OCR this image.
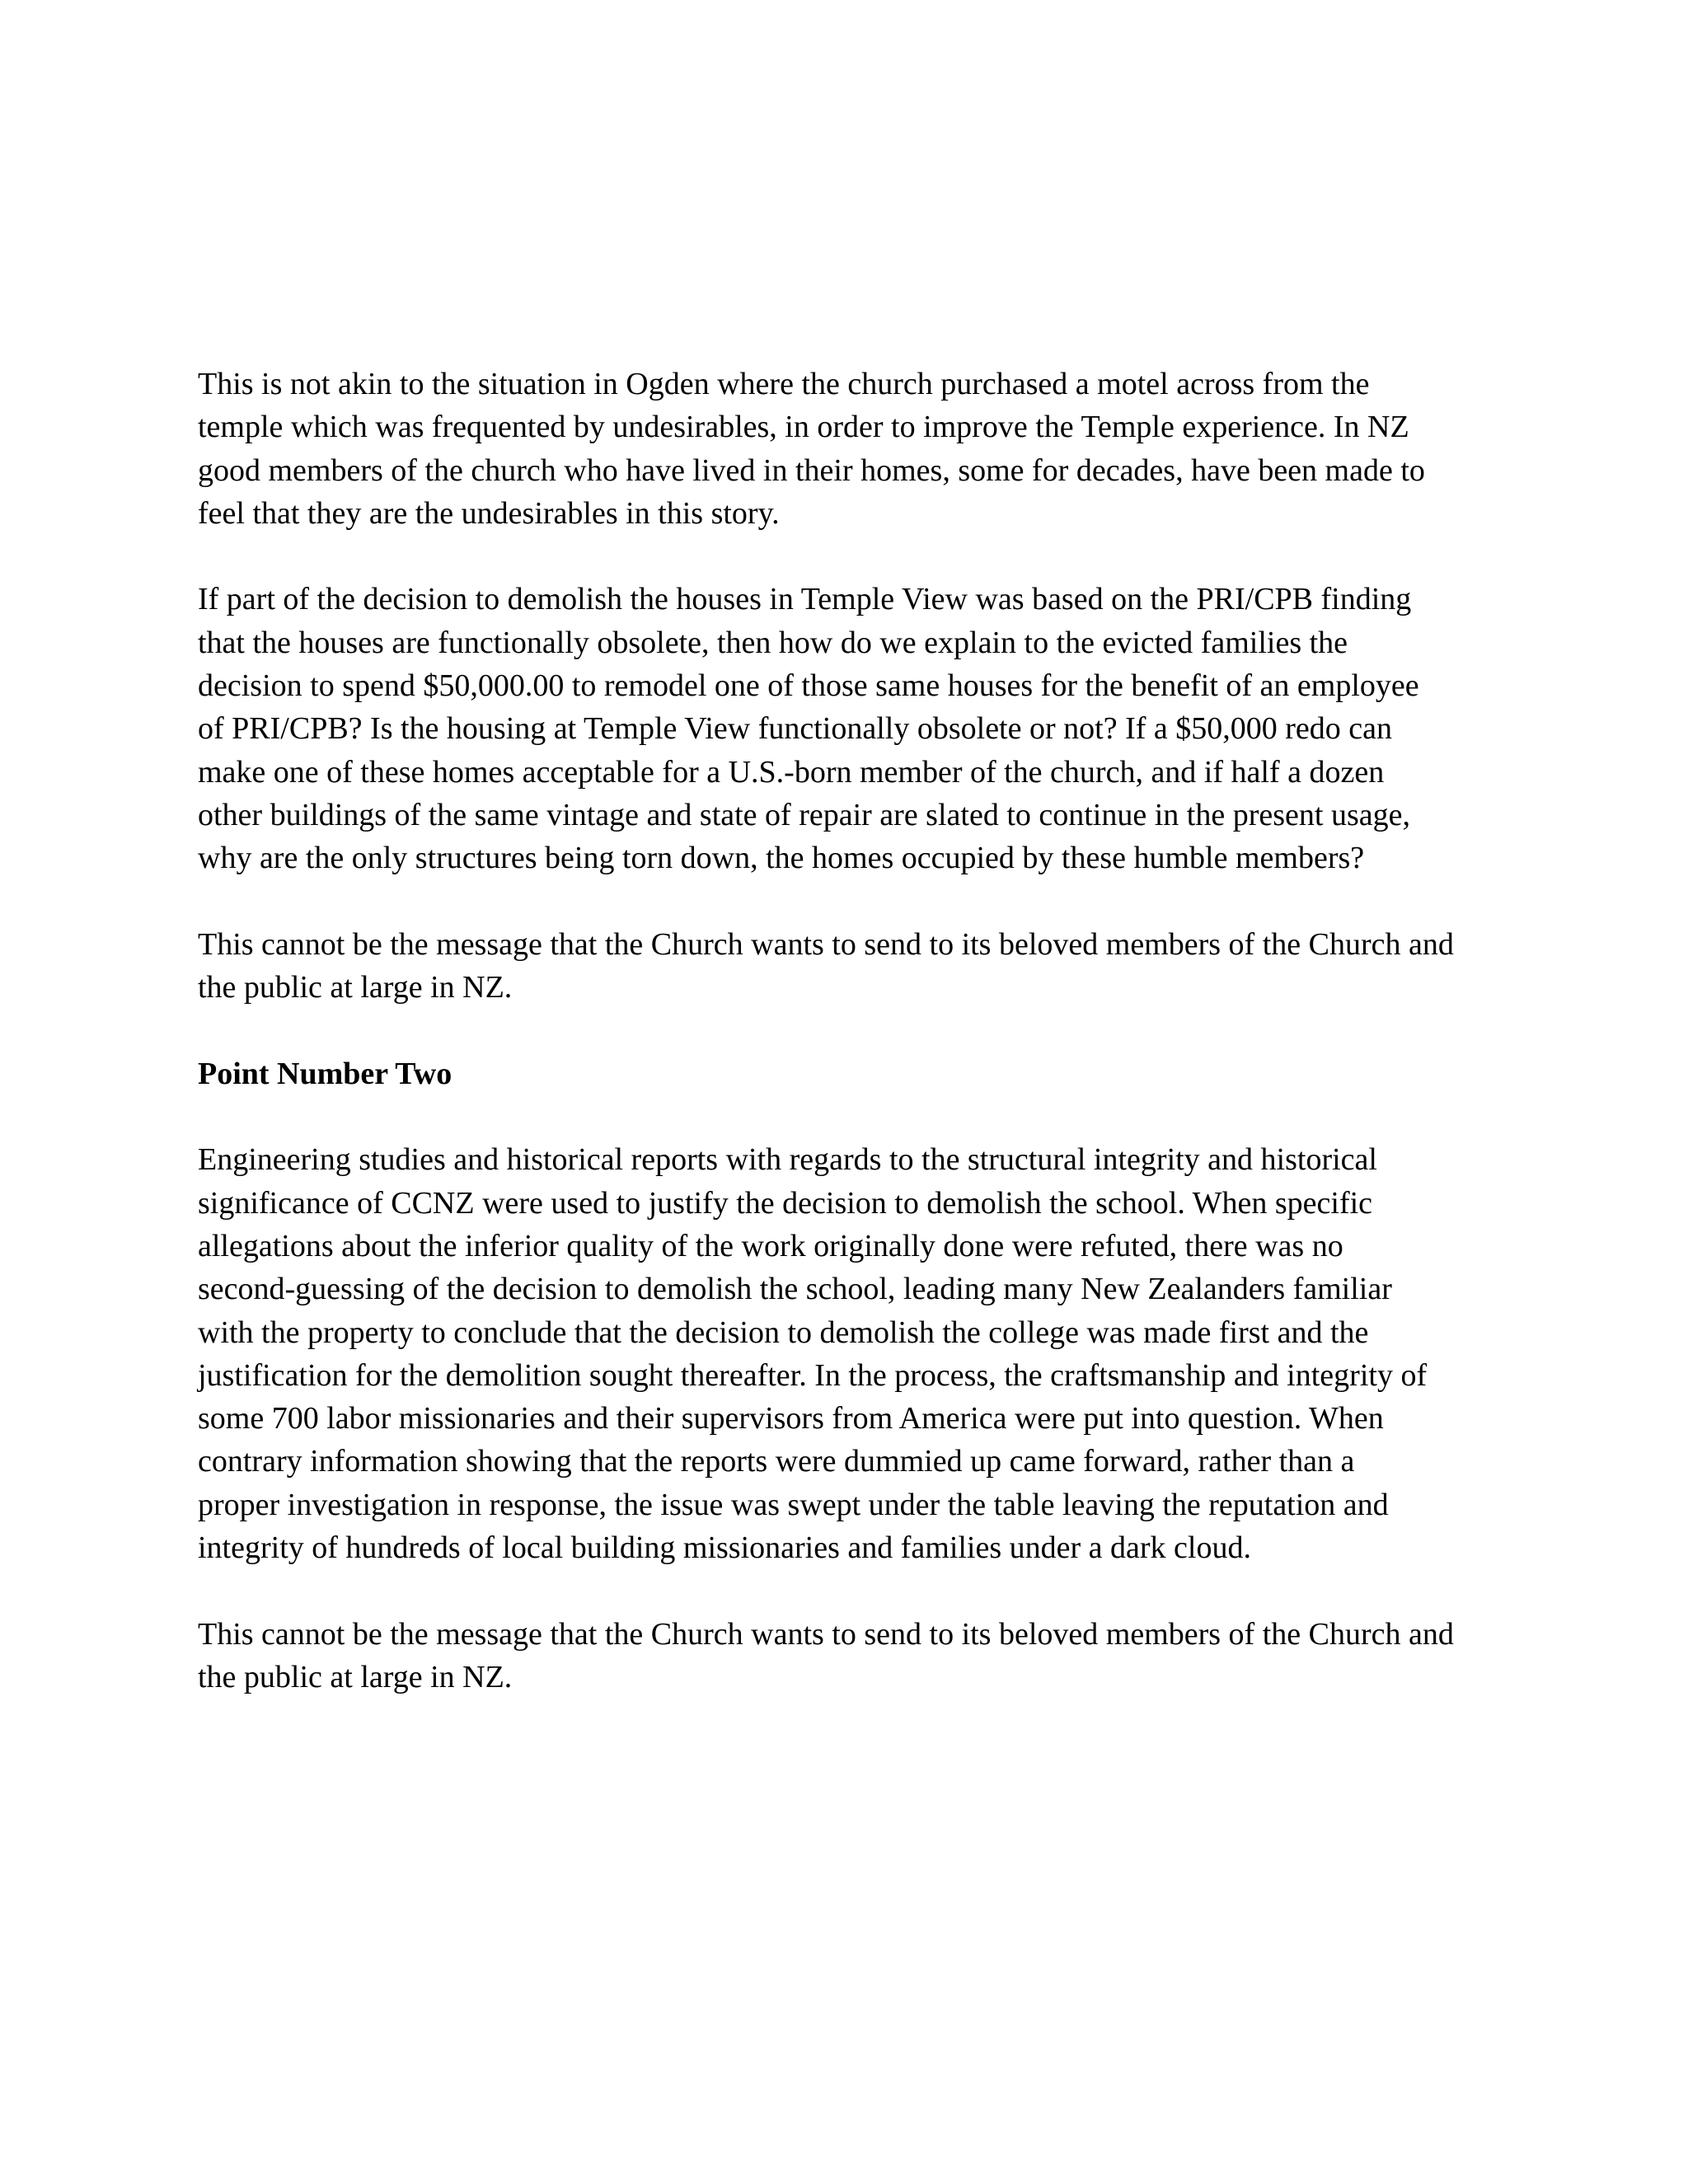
This is not akin to the situation in Ogden where the church purchased a motel across from the
temple which was frequented by undesirables, in order to improve the Temple experience. In NZ
good members of the church who have lived in their homes, some for decades, have been made to
feel that they are the undesirables in this story.
If part of the decision to demolish the houses in Temple View was based on the PRI/CPB finding
that the houses are functionally obsolete, then how do we explain to the evicted families the
decision to spend $50,000.00 to remodel one of those same houses for the benefit of an employee
of PRI/CPB? Is the housing at Temple View functionally obsolete or not? If a $50,000 redo can
make one of these homes acceptable for a U.S.-born member of the church, and if half a dozen
other buildings of the same vintage and state of repair are slated to continue in the present usage,
why are the only structures being torn down, the homes occupied by these humble members?
This cannot be the message that the Church wants to send to its beloved members of the Church and
the public at large in NZ.
Point Number Two
Engineering studies and historical reports with regards to the structural integrity and historical
significance of CCNZ were used to justify the decision to demolish the school. When specific
allegations about the inferior quality of the work originally done were refuted, there was no
second-guessing of the decision to demolish the school, leading many New Zealanders familiar
with the property to conclude that the decision to demolish the college was made first and the
justification for the demolition sought thereafter. In the process, the craftsmanship and integrity of
some 700 labor missionaries and their supervisors from America were put into question. When
contrary information showing that the reports were dummied up came forward, rather than a
proper investigation in response, the issue was swept under the table leaving the reputation and
integrity of hundreds of local building missionaries and families under a dark cloud.
This cannot be the message that the Church wants to send to its beloved members of the Church and
the public at large in NZ.
